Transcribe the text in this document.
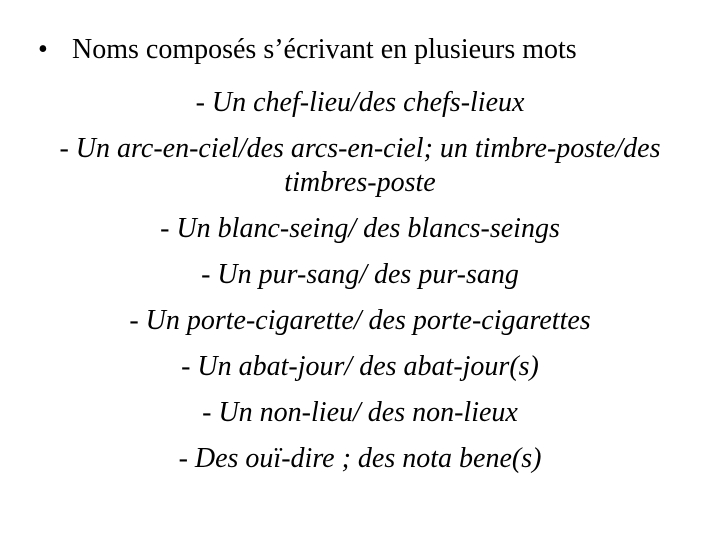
• Noms composés s’écrivant en plusieurs mots

- Un chef-lieu/des chefs-lieux

- Un arc-en-ciel/des arcs-en-ciel; un timbre-poste/des timbres-poste

- Un blanc-seing/ des blancs-seings

- Un pur-sang/ des pur-sang

- Un porte-cigarette/ des porte-cigarettes

- Un abat-jour/ des abat-jour(s)

- Un non-lieu/ des non-lieux

- Des ouï-dire ; des nota bene(s)
